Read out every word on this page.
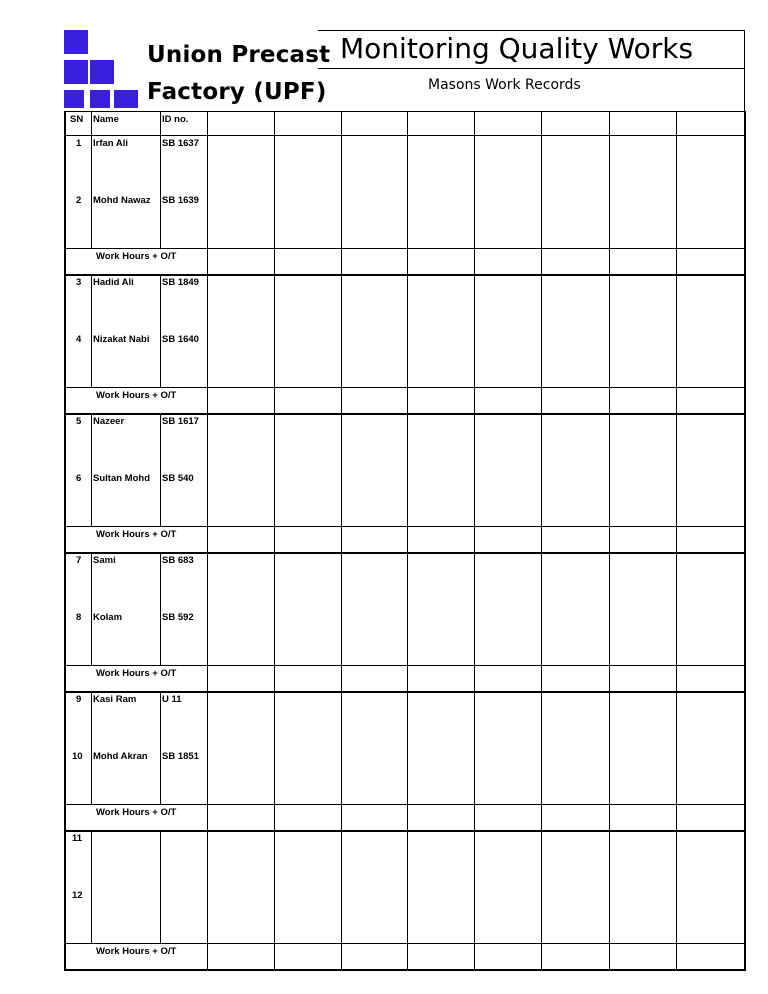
Union Precast
Factory (UPF)
Monitoring Quality Works
Masons Work Records
SN Name	ID no.
1 Irfan Ali	SB 1637
2 Mohd Nawaz SB 1639
Work Hours + O/T
3 Hadid Ali	SB 1849
4 Nizakat Nabi SB 1640
Work Hours + O/T
5 Nazeer	SB 1617
6 Sultan Mohd SB 540
Work Hours + O/T
7 Sami	SB 683
8 Kolam	SB 592
Work Hours + O/T
9 Kasi Ram	U 11
10 Mohd Akran SB 1851
Work Hours + O/T
11
12
Work Hours + O/T
